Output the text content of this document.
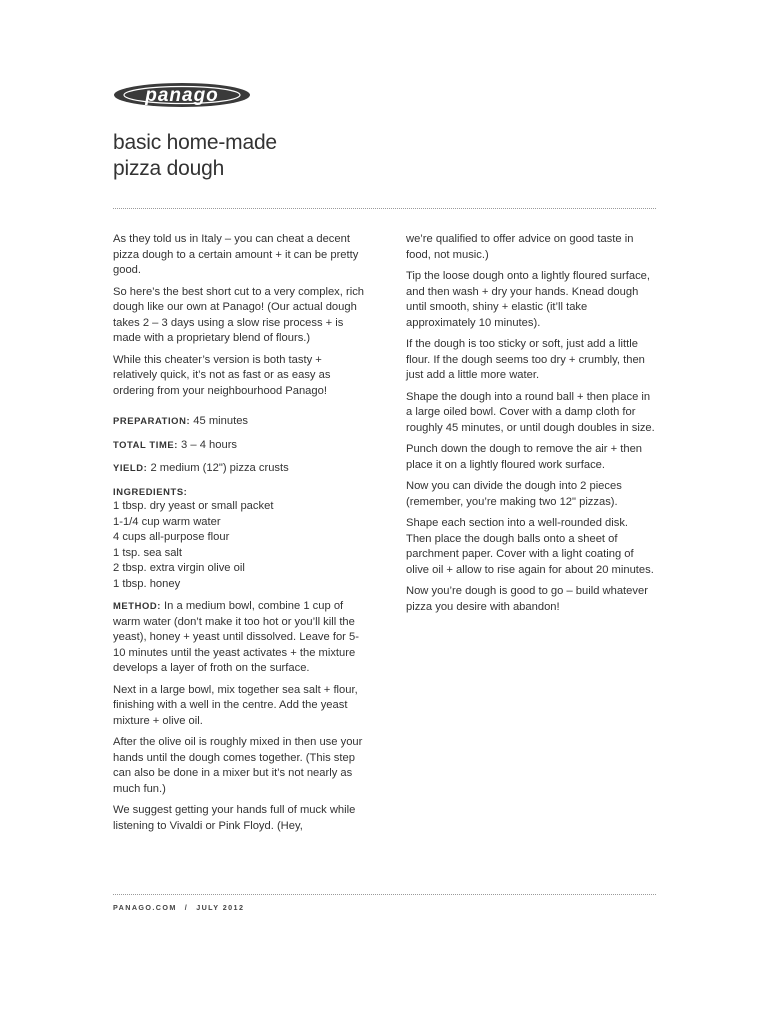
panago
basic home-made
pizza dough

As they told us in Italy – you can cheat a decent pizza dough to a certain amount + it can be pretty good.

So here’s the best short cut to a very complex, rich dough like our own at Panago! (Our actual dough takes 2 – 3 days using a slow rise process + is made with a proprietary blend of flours.)

While this cheater’s version is both tasty + relatively quick, it’s not as fast or as easy as ordering from your neighbourhood Panago!

PREPARATION: 45 minutes

TOTAL TIME: 3 – 4 hours

YIELD: 2 medium (12") pizza crusts

INGREDIENTS:
1 tbsp. dry yeast or small packet
1-1/4 cup warm water
4 cups all-purpose flour
1 tsp. sea salt
2 tbsp. extra virgin olive oil
1 tbsp. honey

METHOD: In a medium bowl, combine 1 cup of warm water (don’t make it too hot or you’ll kill the yeast), honey + yeast until dissolved. Leave for 5-10 minutes until the yeast activates + the mixture develops a layer of froth on the surface.

Next in a large bowl, mix together sea salt + flour, finishing with a well in the centre. Add the yeast mixture + olive oil.

After the olive oil is roughly mixed in then use your hands until the dough comes together. (This step can also be done in a mixer but it’s not nearly as much fun.)

We suggest getting your hands full of muck while listening to Vivaldi or Pink Floyd. (Hey,

we’re qualified to offer advice on good taste in food, not music.)

Tip the loose dough onto a lightly floured surface, and then wash + dry your hands. Knead dough until smooth, shiny + elastic (it’ll take approximately 10 minutes).

If the dough is too sticky or soft, just add a little flour. If the dough seems too dry + crumbly, then just add a little more water.

Shape the dough into a round ball + then place in a large oiled bowl. Cover with a damp cloth for roughly 45 minutes, or until dough doubles in size.

Punch down the dough to remove the air + then place it on a lightly floured work surface.

Now you can divide the dough into 2 pieces (remember, you’re making two 12" pizzas).

Shape each section into a well-rounded disk. Then place the dough balls onto a sheet of parchment paper. Cover with a light coating of olive oil + allow to rise again for about 20 minutes.

Now you’re dough is good to go – build whatever pizza you desire with abandon!

PANAGO.COM / JULY 2012
